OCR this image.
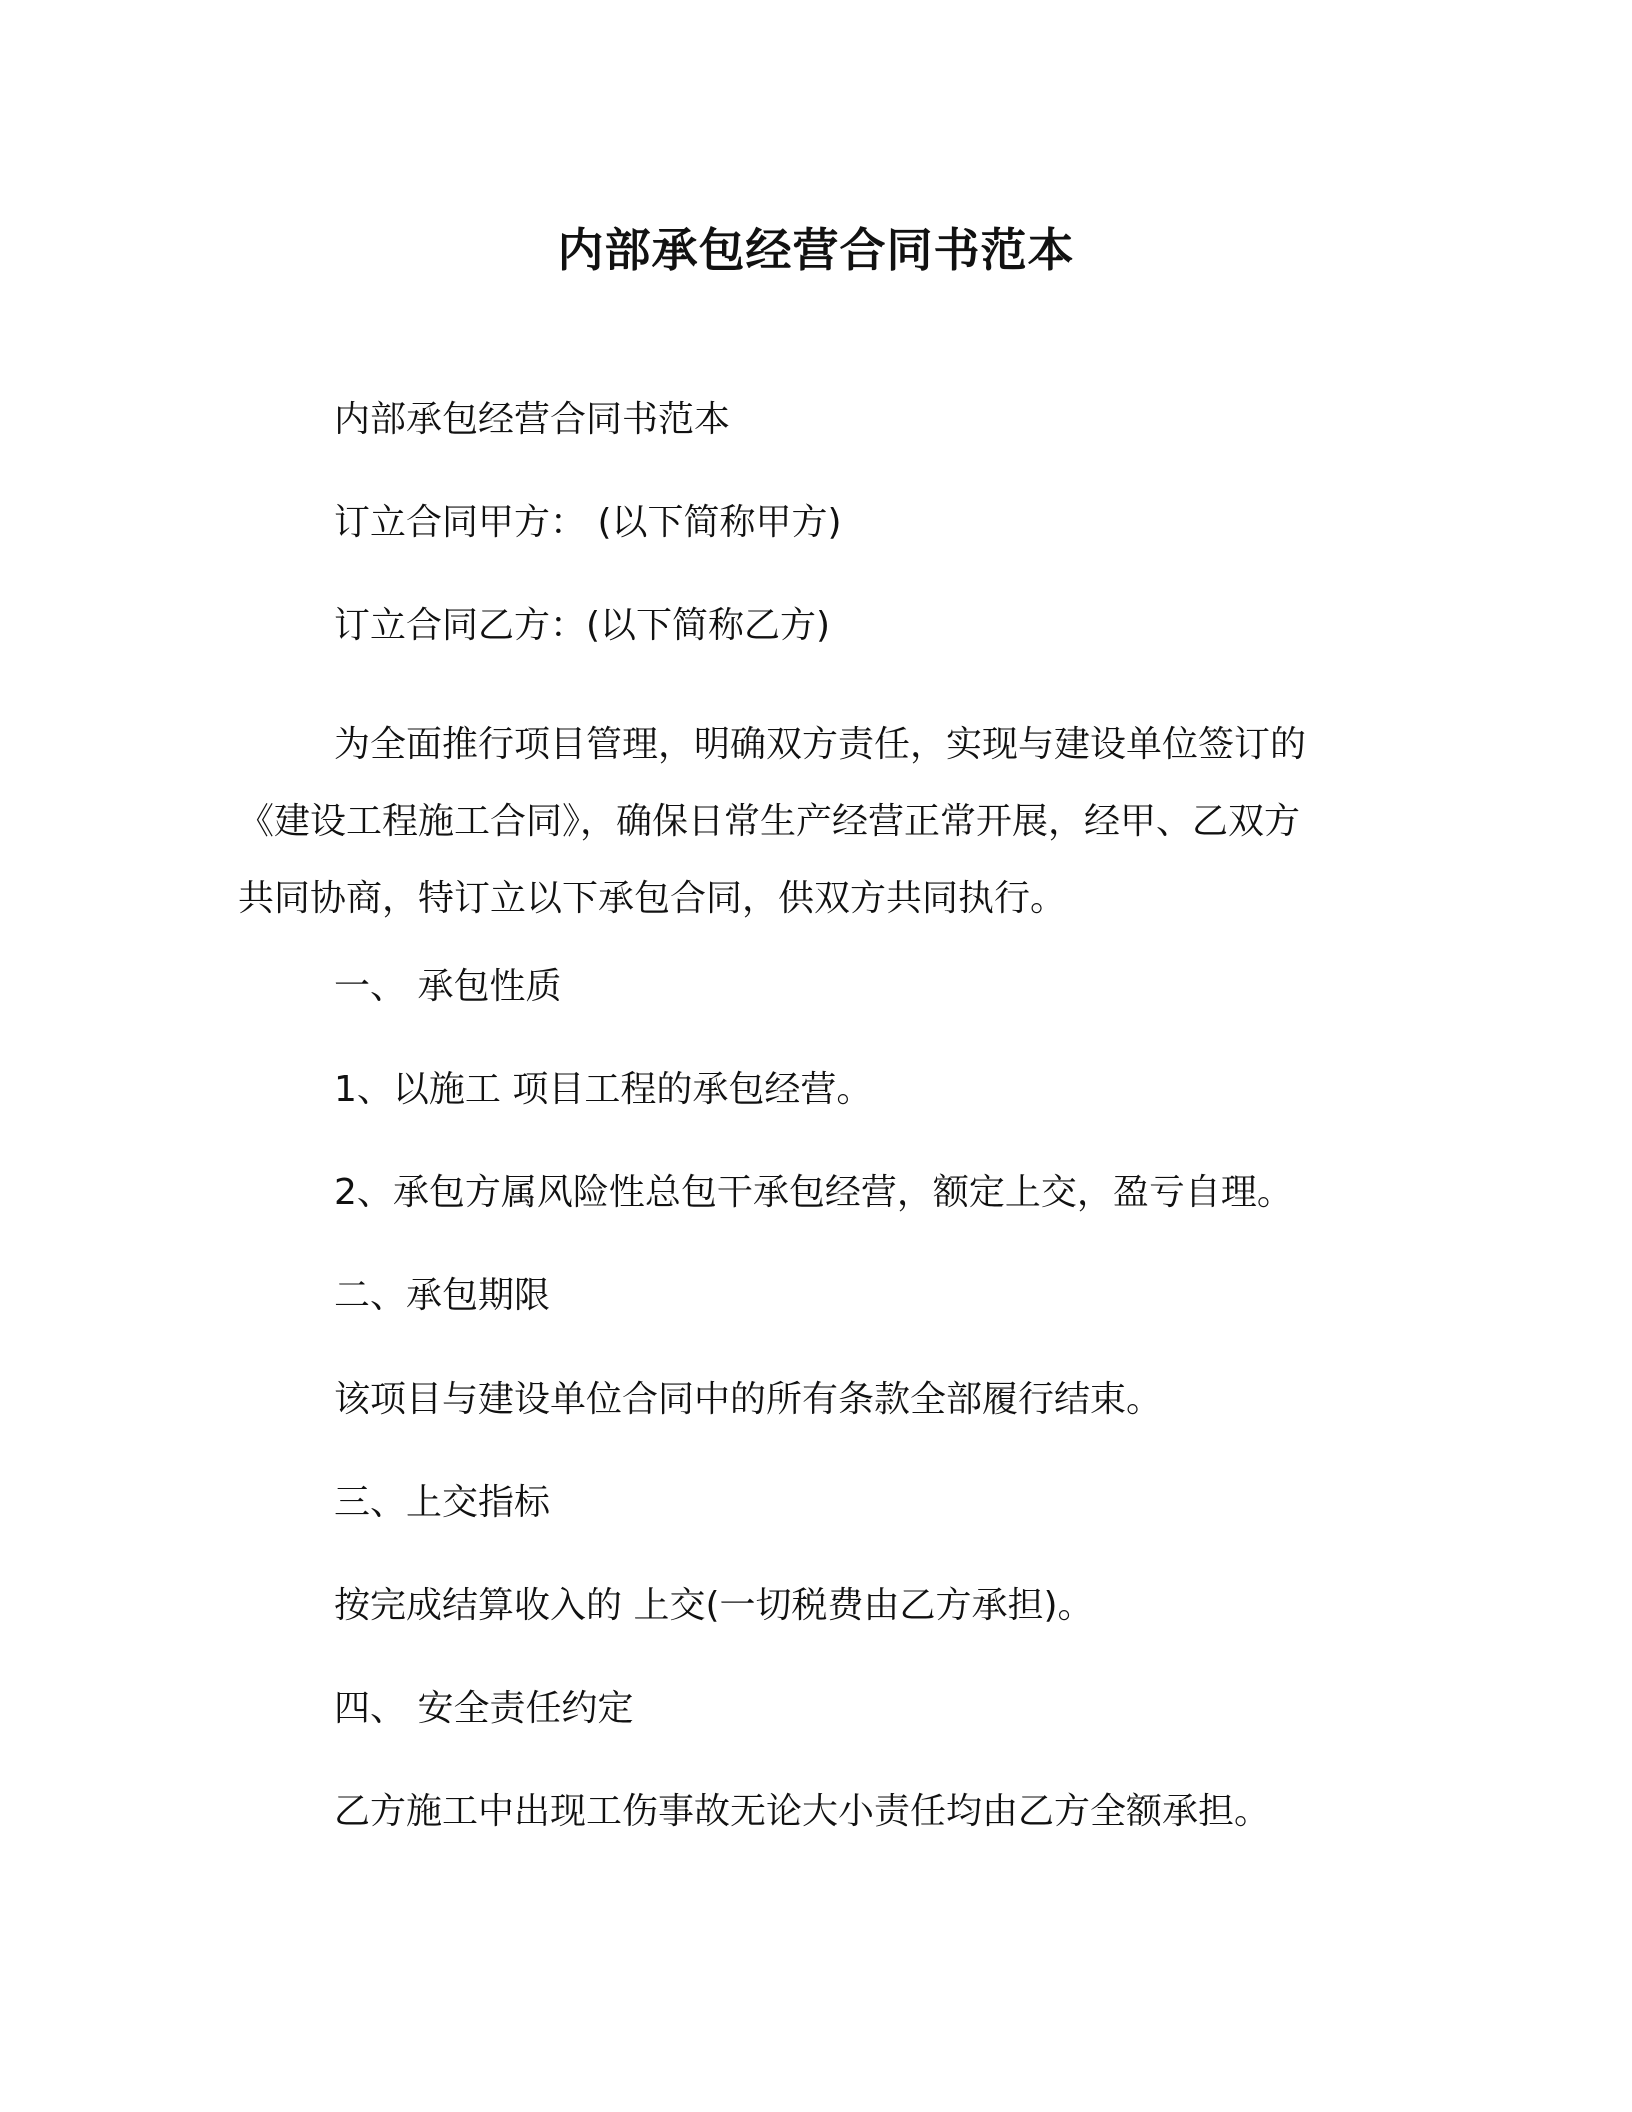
内部承包经营合同书范本
内部承包经营合同书范本
订立合同甲方： (以下简称甲方)
订立合同乙方：(以下简称乙方)
为全面推行项目管理，明确双方责任，实现与建设单位签订的
《建设工程施工合同》，确保日常生产经营正常开展，经甲、乙双方
共同协商，特订立以下承包合同，供双方共同执行。
一、 承包性质
1、以施工 项目工程的承包经营。
2、承包方属风险性总包干承包经营，额定上交，盈亏自理。
二、承包期限
该项目与建设单位合同中的所有条款全部履行结束。
三、上交指标
按完成结算收入的 上交(一切税费由乙方承担)。
四、 安全责任约定
乙方施工中出现工伤事故无论大小责任均由乙方全额承担。
